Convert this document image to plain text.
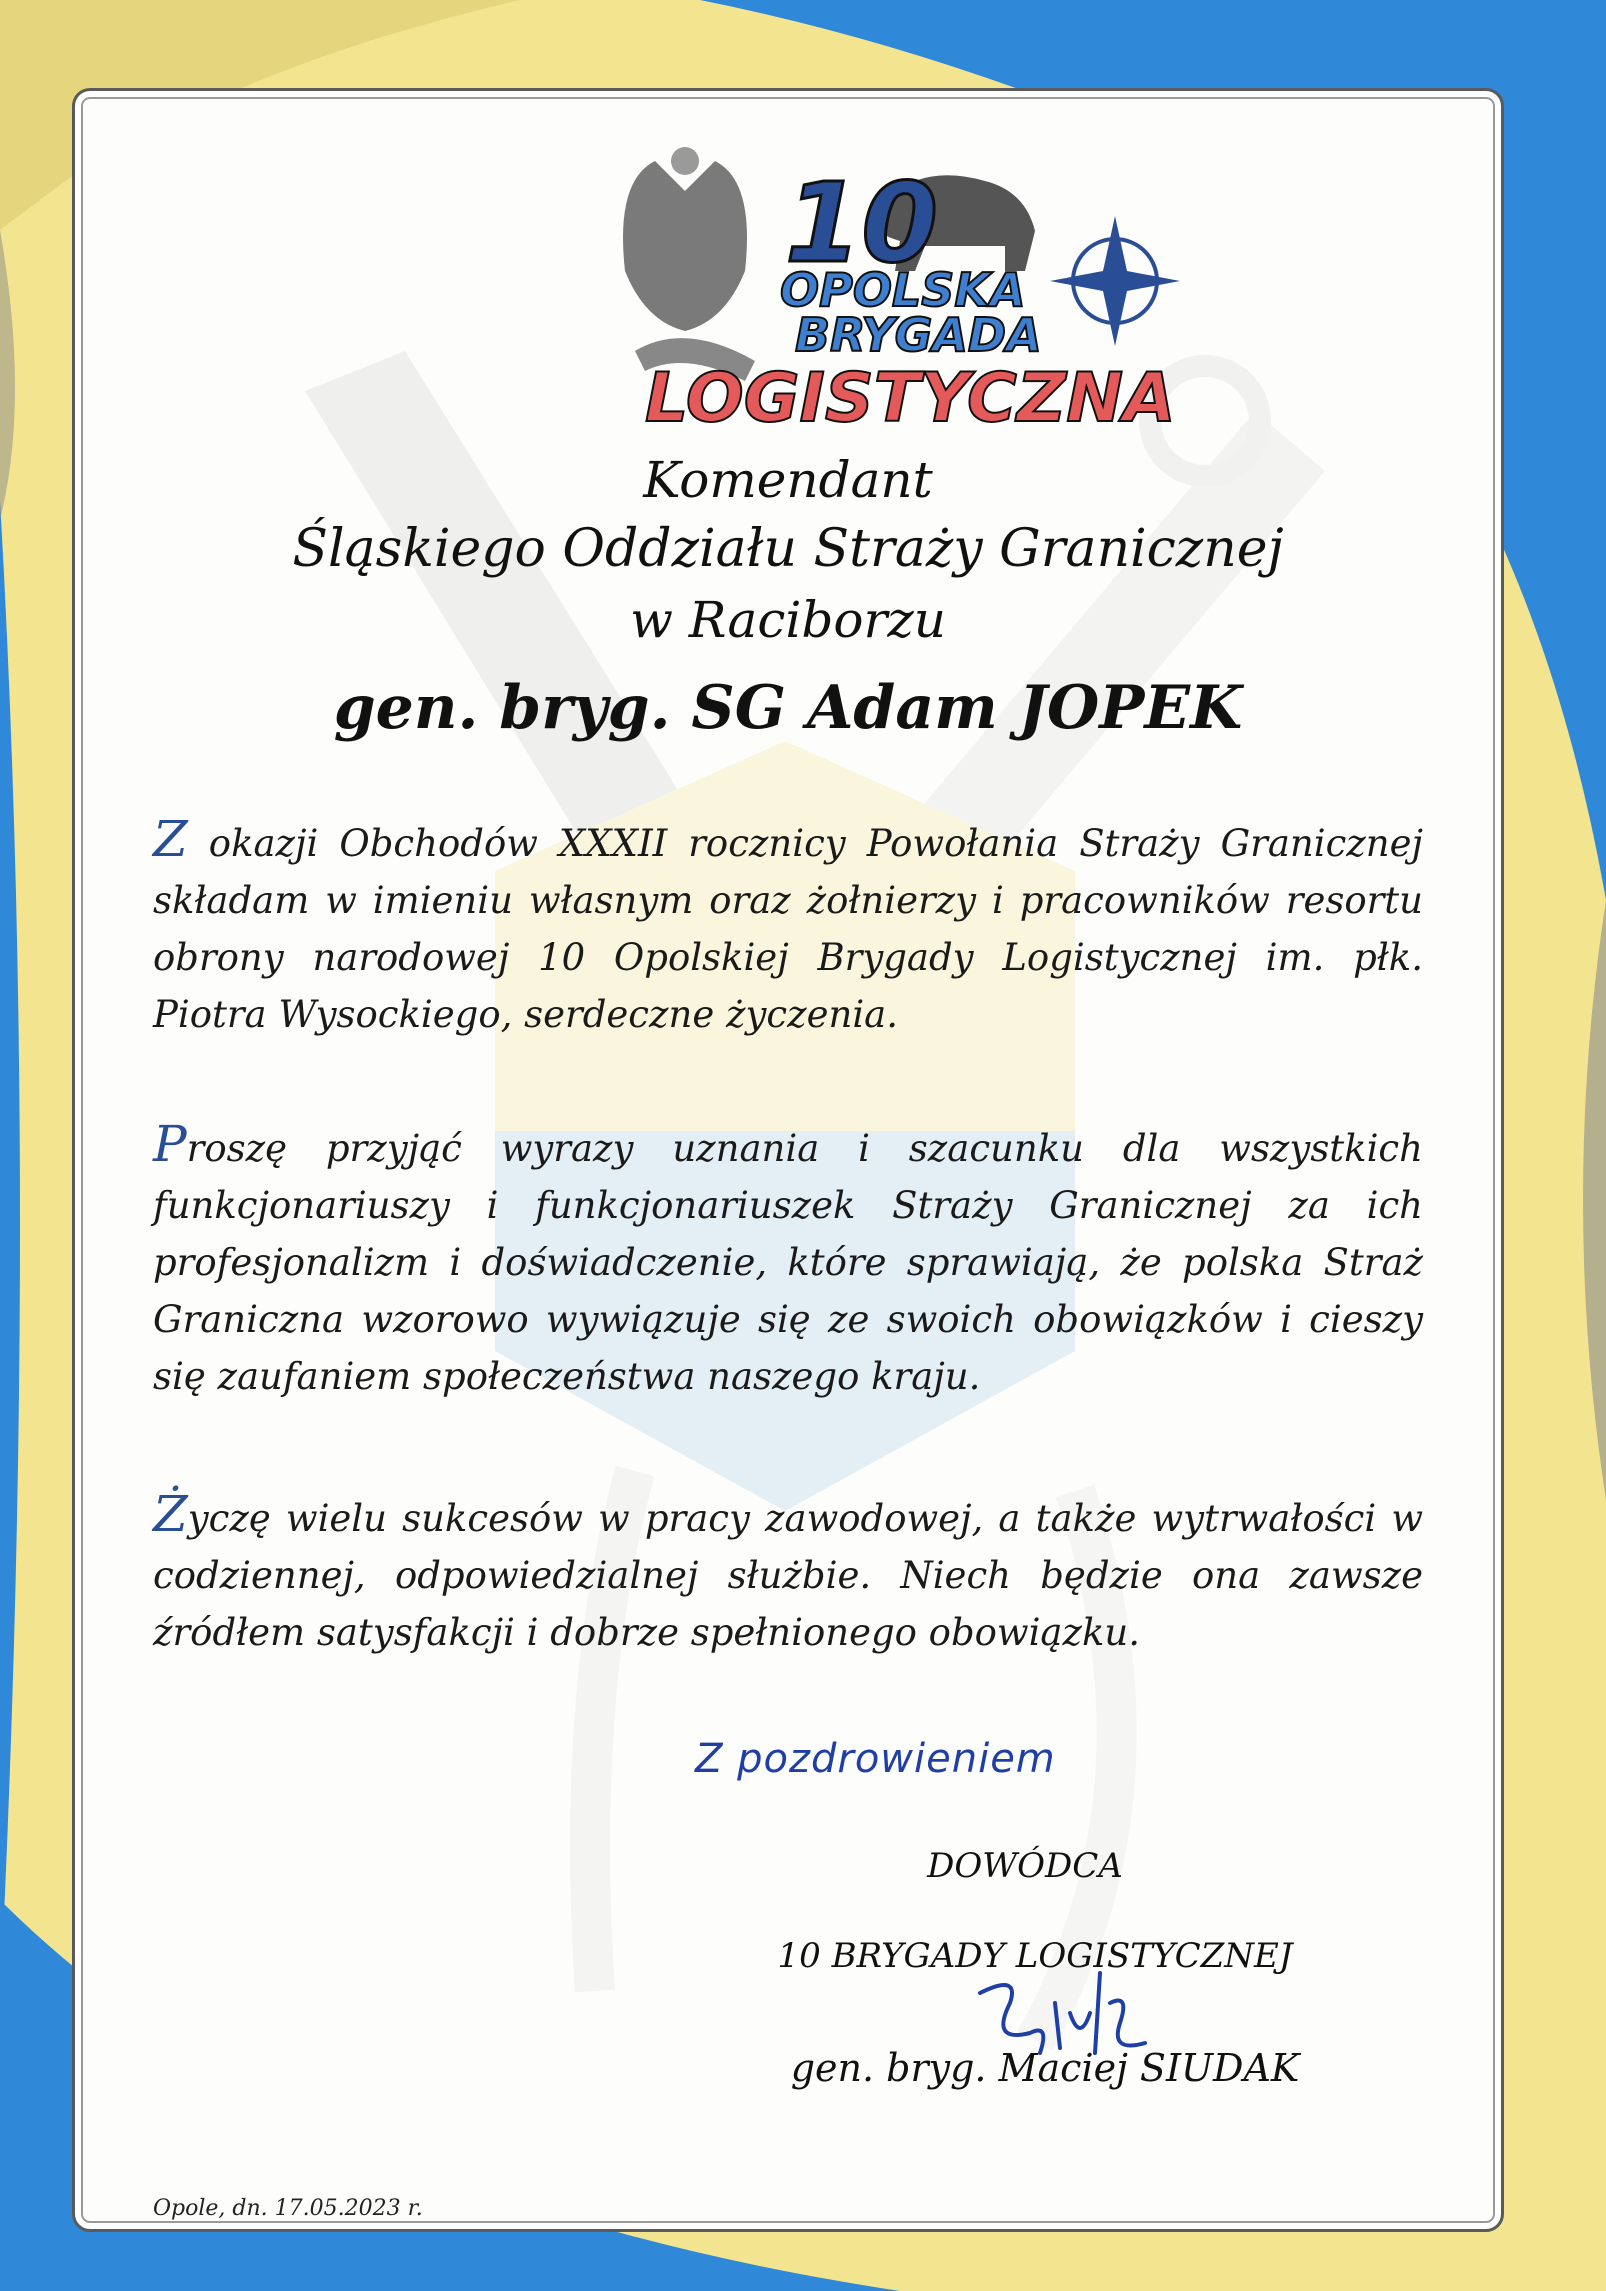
10
OPOLSKA
BRYGADA
LOGISTYCZNA
Komendant
Śląskiego Oddziału Straży Granicznej
w Raciborzu
gen. bryg. SG Adam JOPEK
Z okazji Obchodów XXXII rocznicy Powołania Straży Granicznej składam w imieniu własnym oraz żołnierzy i pracowników resortu obrony narodowej 10 Opolskiej Brygady Logistycznej im. płk. Piotra Wysockiego, serdeczne życzenia.
Proszę przyjąć wyrazy uznania i szacunku dla wszystkich funkcjonariuszy i funkcjonariuszek Straży Granicznej za ich profesjonalizm i doświadczenie, które sprawiają, że polska Straż Graniczna wzorowo wywiązuje się ze swoich obowiązków i cieszy się zaufaniem społeczeństwa naszego kraju.
Życzę wielu sukcesów w pracy zawodowej, a także wytrwałości w codziennej, odpowiedzialnej służbie. Niech będzie ona zawsze źródłem satysfakcji i dobrze spełnionego obowiązku.
Z pozdrowieniem
DOWÓDCA
10 BRYGADY LOGISTYCZNEJ
gen. bryg. Maciej SIUDAK
Opole, dn. 17.05.2023 r.
